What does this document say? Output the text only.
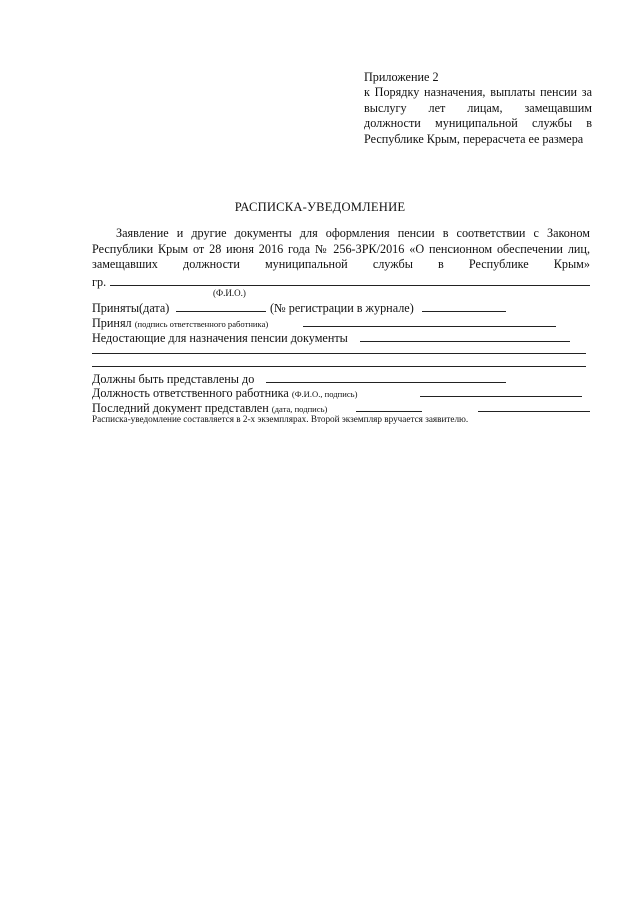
Приложение 2
к Порядку назначения, выплаты пенсии за выслугу лет лицам, замещавшим должности муниципальной службы в Республике Крым, перерасчета ее размера
РАСПИСКА-УВЕДОМЛЕНИЕ
Заявление и другие документы для оформления пенсии в соответствии с Законом Республики Крым от 28 июня 2016 года № 256-ЗРК/2016 «О пенсионном обеспечении лиц, замещавших должности муниципальной службы в Республике Крым»
гр.
(Ф.И.О.)
Приняты(дата)	(№ регистрации в журнале)
Принял (подпись ответственного работника)
Недостающие для назначения пенсии документы
Должны быть представлены до
Должность ответственного работника (Ф.И.О., подпись)
Последний документ представлен (дата, подпись)
Расписка-уведомление составляется в 2-х экземплярах. Второй экземпляр вручается заявителю.
